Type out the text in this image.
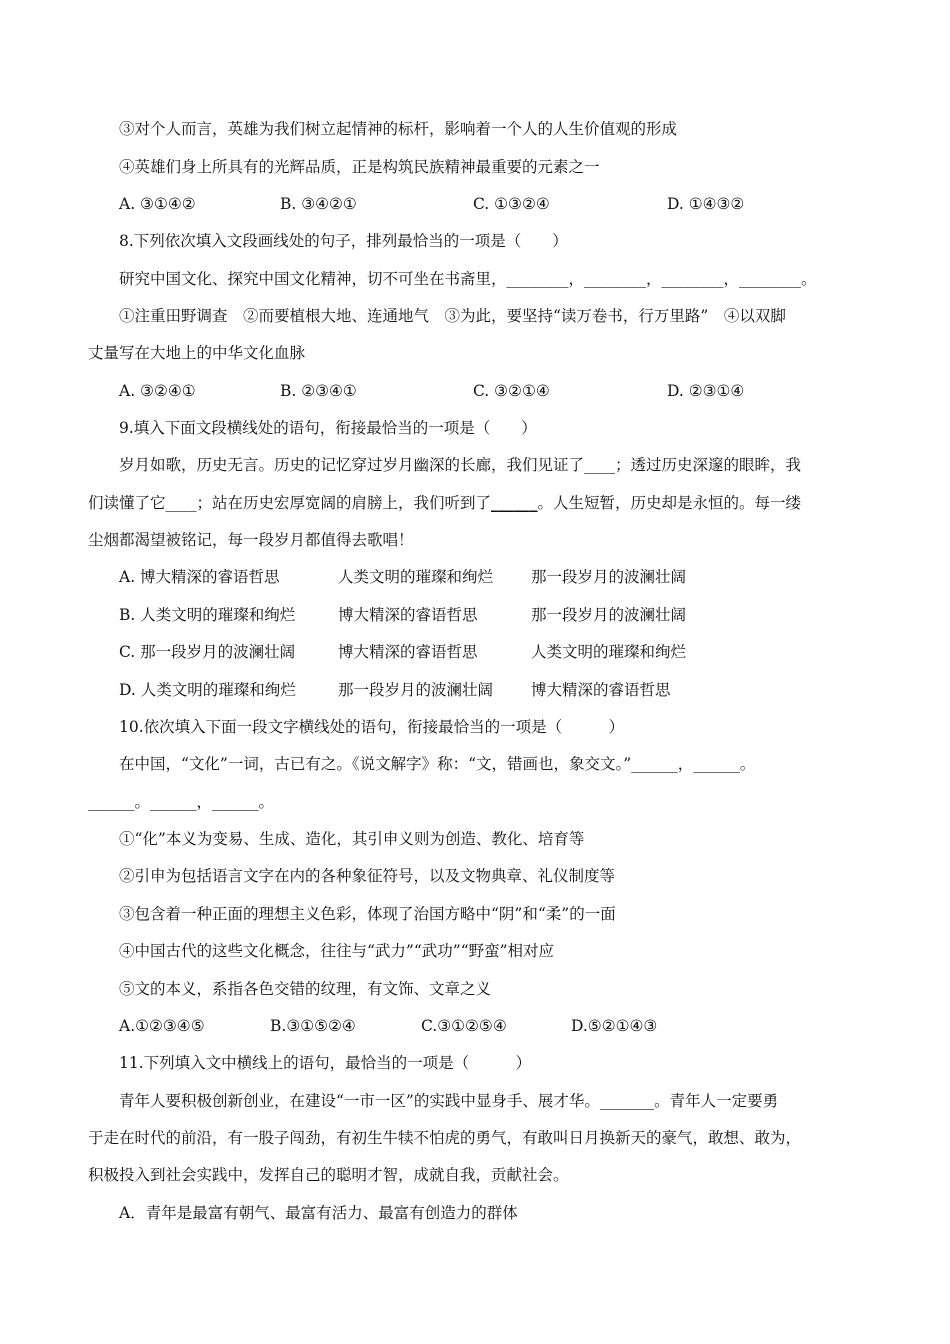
③对个人而言，英雄为我们树立起情神的标杆，影响着一个人的人生价值观的形成
④英雄们身上所具有的光辉品质，正是构筑民族精神最重要的元素之一
A. ③①④②	B. ③④②①	C. ①③②④	D. ①④③②
8.下列依次填入文段画线处的句子，排列最恰当的一项是（　　）
研究中国文化、探究中国文化精神，切不可坐在书斋里，________，________，________，________。
①注重田野调查　②而要植根大地、连通地气　③为此，要坚持“读万卷书，行万里路”　④以双脚
丈量写在大地上的中华文化血脉
A. ③②④①	B. ②③④①	C. ③②①④	D. ②③①④
9.填入下面文段横线处的语句，衔接最恰当的一项是（　　）
岁月如歌，历史无言。历史的记忆穿过岁月幽深的长廊，我们见证了____；透过历史深邃的眼眸，我
们读懂了它____；站在历史宏厚宽阔的肩膀上，我们听到了______。人生短暂，历史却是永恒的。每一缕
尘烟都渴望被铭记，每一段岁月都值得去歌唱！
A. 博大精深的睿语哲思	人类文明的璀璨和绚烂 那一段岁月的波澜壮阔
B. 人类文明的璀璨和绚烂	博大精深的睿语哲思	那一段岁月的波澜壮阔
C. 那一段岁月的波澜壮阔	博大精深的睿语哲思	人类文明的璀璨和绚烂
D. 人类文明的璀璨和绚烂	那一段岁月的波澜壮阔 博大精深的睿语哲思
10.依次填入下面一段文字横线处的语句，衔接最恰当的一项是（　　　）
在中国，“文化”一词，古已有之。《说文解字》称：“文，错画也，象交文。”______，______。
______。______，______。
①“化”本义为变易、生成、造化，其引申义则为创造、教化、培育等
②引申为包括语言文字在内的各种象征符号，以及文物典章、礼仪制度等
③包含着一种正面的理想主义色彩，体现了治国方略中“阴”和“柔”的一面
④中国古代的这些文化概念，往往与“武力”“武功”“野蛮”相对应
⑤文的本义，系指各色交错的纹理，有文饰、文章之义
A.①②③④⑤	B.③①⑤②④	C.③①②⑤④	D.⑤②①④③
11.下列填入文中横线上的语句，最恰当的一项是（　　　）
青年人要积极创新创业，在建设“一市一区”的实践中显身手、展才华。_______。青年人一定要勇
于走在时代的前沿，有一股子闯劲，有初生牛犊不怕虎的勇气，有敢叫日月换新天的豪气，敢想、敢为，
积极投入到社会实践中，发挥自己的聪明才智，成就自我，贡献社会。
A．青年是最富有朝气、最富有活力、最富有创造力的群体
